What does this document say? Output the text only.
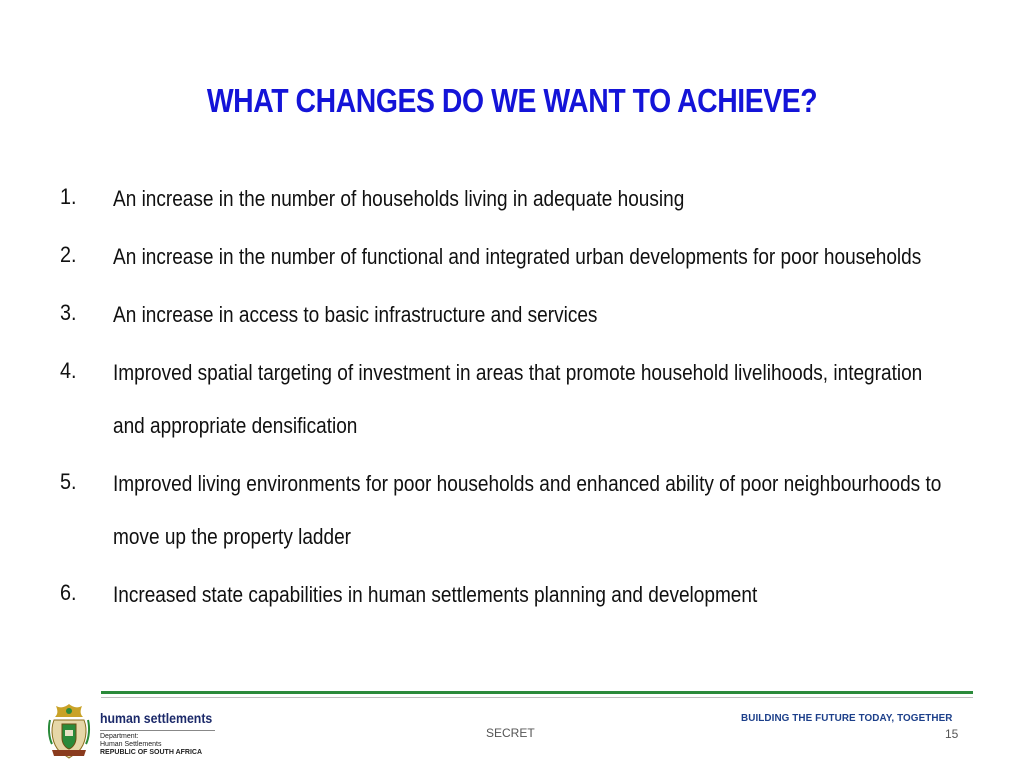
WHAT CHANGES DO WE WANT TO ACHIEVE?
1.	An increase in the number of households living in adequate housing
2.	An increase in the number of functional and integrated urban developments for poor households
3.	An increase in access to basic infrastructure and services
4.	Improved spatial targeting of investment in areas that promote household livelihoods, integration and appropriate densification
5.	Improved living environments for poor households and enhanced ability of poor neighbourhoods to move up the property ladder
6.	Increased state capabilities in human settlements planning and development
human settlements
Department:
Human Settlements
REPUBLIC OF SOUTH AFRICA
BUILDING THE FUTURE TODAY, TOGETHER
SECRET	15
